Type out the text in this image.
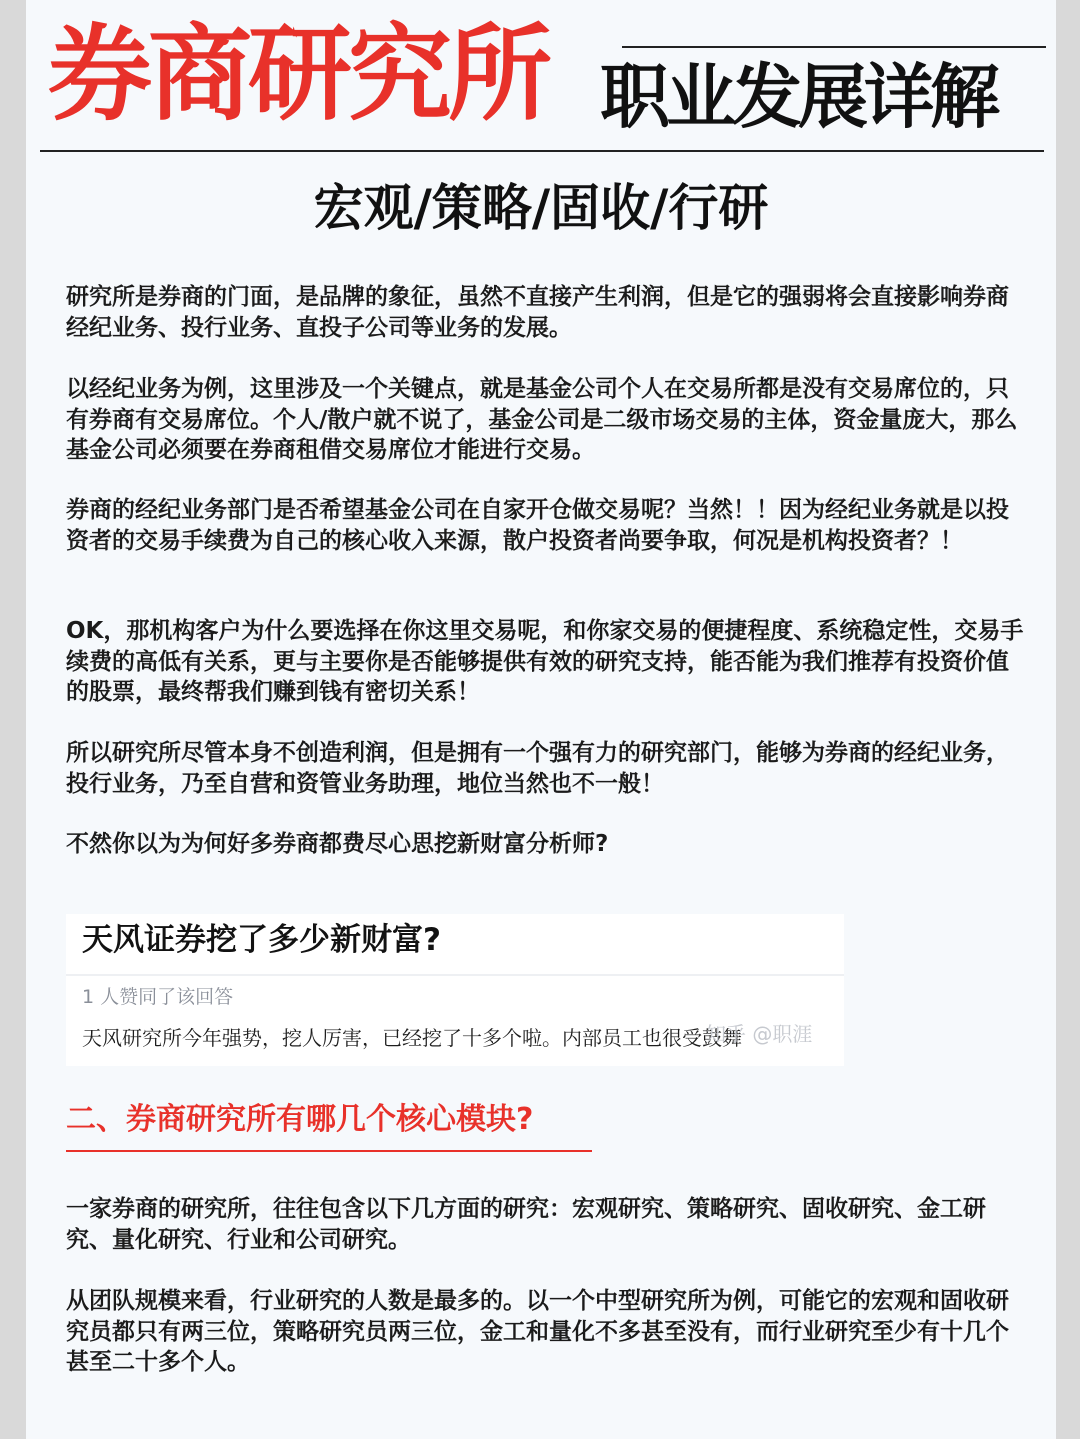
券商研究所 职业发展详解
宏观/策略/固收/行研

研究所是券商的门面，是品牌的象征，虽然不直接产生利润，但是它的强弱将会直接影响券商经纪业务、投行业务、直投子公司等业务的发展。

以经纪业务为例，这里涉及一个关键点，就是基金公司个人在交易所都是没有交易席位的，只有券商有交易席位。个人/散户就不说了，基金公司是二级市场交易的主体，资金量庞大，那么基金公司必须要在券商租借交易席位才能进行交易。

券商的经纪业务部门是否希望基金公司在自家开仓做交易呢？当然！！因为经纪业务就是以投资者的交易手续费为自己的核心收入来源，散户投资者尚要争取，何况是机构投资者？！

OK，那机构客户为什么要选择在你这里交易呢，和你家交易的便捷程度、系统稳定性，交易手续费的高低有关系，更与主要你是否能够提供有效的研究支持，能否能为我们推荐有投资价值的股票，最终帮我们赚到钱有密切关系！

所以研究所尽管本身不创造利润，但是拥有一个强有力的研究部门，能够为券商的经纪业务，投行业务，乃至自营和资管业务助理，地位当然也不一般！

不然你以为为何好多券商都费尽心思挖新财富分析师?

天风证券挖了多少新财富?
1 人赞同了该回答
天风研究所今年强势，挖人厉害，已经挖了十多个啦。内部员工也很受鼓舞
知乎 @职涯
二、券商研究所有哪几个核心模块?

一家券商的研究所，往往包含以下几方面的研究：宏观研究、策略研究、固收研究、金工研究、量化研究、行业和公司研究。

从团队规模来看，行业研究的人数是最多的。以一个中型研究所为例，可能它的宏观和固收研究员都只有两三位，策略研究员两三位，金工和量化不多甚至没有，而行业研究至少有十几个甚至二十多个人。
